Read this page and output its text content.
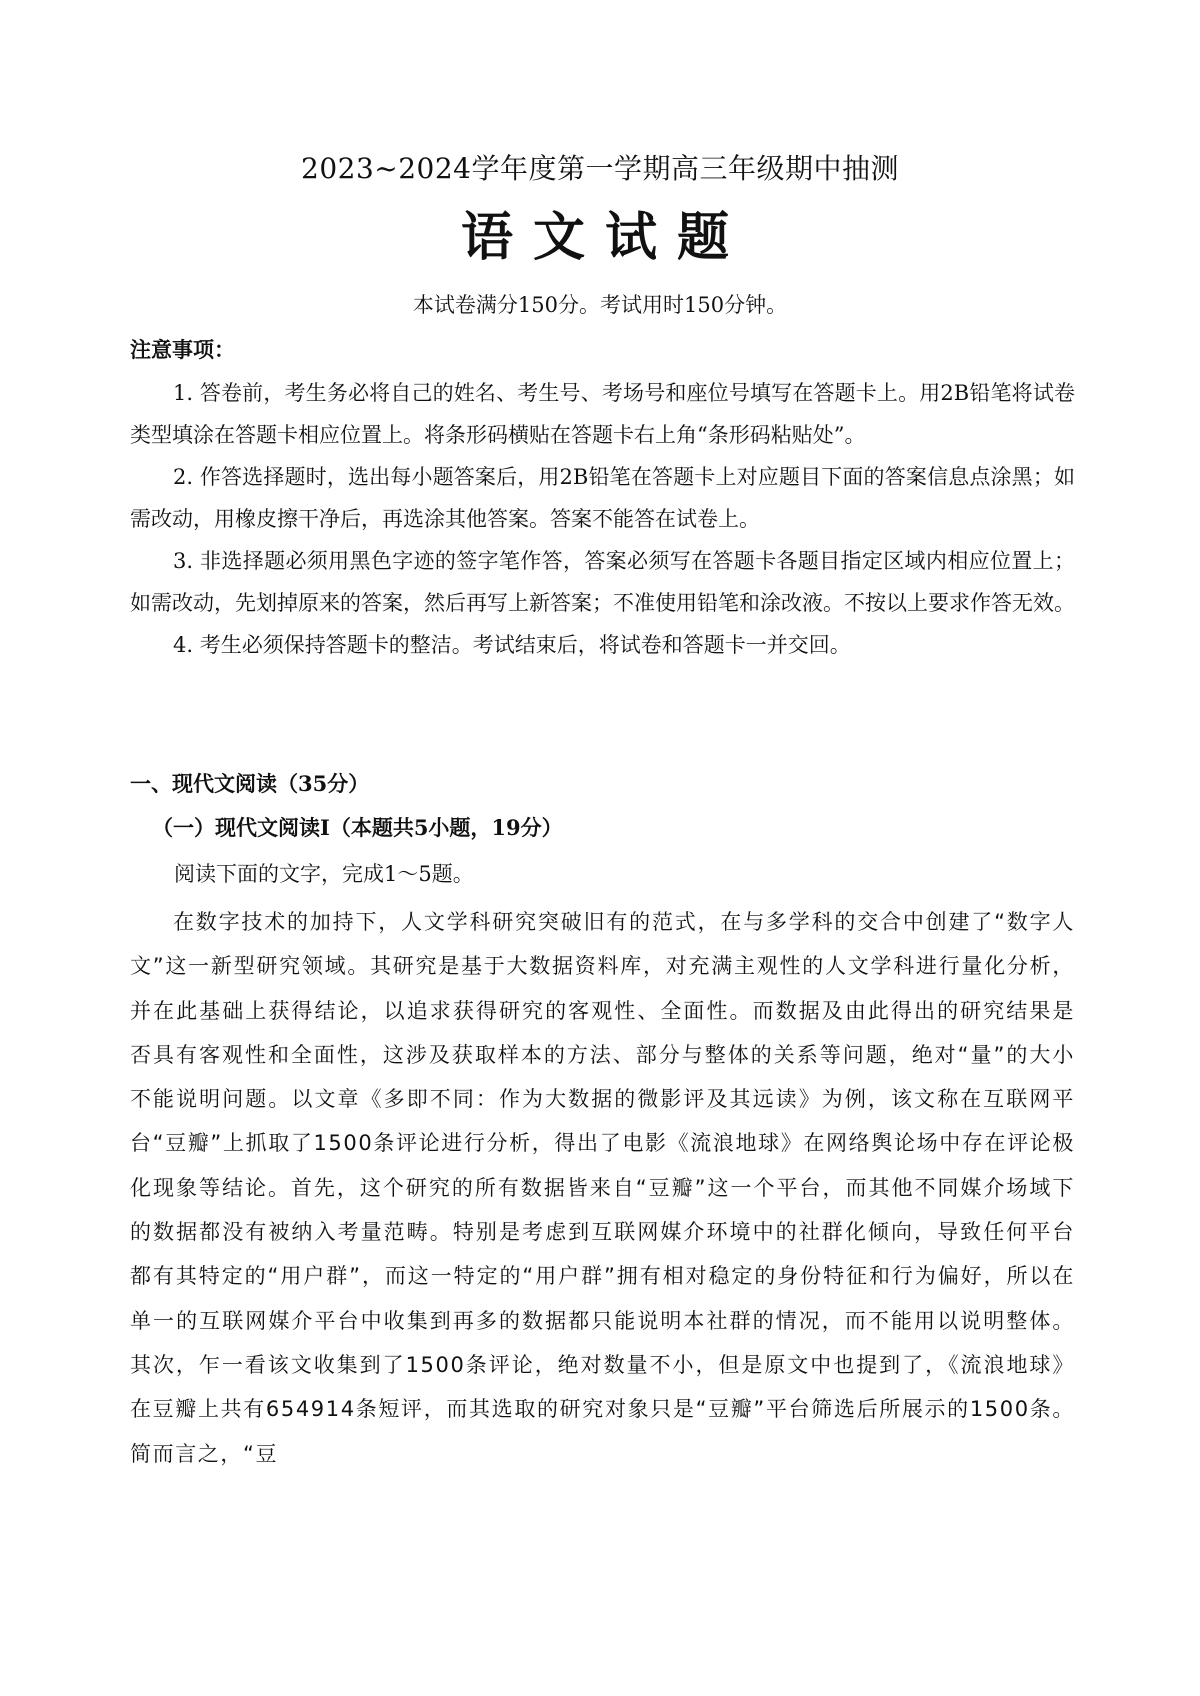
2023~2024学年度第一学期高三年级期中抽测
语文试题
本试卷满分150分。考试用时150分钟。
注意事项：

1. 答卷前，考生务必将自己的姓名、考生号、考场号和座位号填写在答题卡上。用2B铅笔将试卷类型填涂在答题卡相应位置上。将条形码横贴在答题卡右上角“条形码粘贴处”。

2. 作答选择题时，选出每小题答案后，用2B铅笔在答题卡上对应题目下面的答案信息点涂黑；如需改动，用橡皮擦干净后，再选涂其他答案。答案不能答在试卷上。

3. 非选择题必须用黑色字迹的签字笔作答，答案必须写在答题卡各题目指定区域内相应位置上；如需改动，先划掉原来的答案，然后再写上新答案；不准使用铅笔和涂改液。不按以上要求作答无效。

4. 考生必须保持答题卡的整洁。考试结束后，将试卷和答题卡一并交回。

一、现代文阅读（35分）
（一）现代文阅读Ⅰ（本题共5小题，19分）
阅读下面的文字，完成1～5题。

在数字技术的加持下，人文学科研究突破旧有的范式，在与多学科的交合中创建了“数字人文”这一新型研究领域。其研究是基于大数据资料库，对充满主观性的人文学科进行量化分析，并在此基础上获得结论，以追求获得研究的客观性、全面性。而数据及由此得出的研究结果是否具有客观性和全面性，这涉及获取样本的方法、部分与整体的关系等问题，绝对“量”的大小不能说明问题。以文章《多即不同：作为大数据的微影评及其远读》为例，该文称在互联网平台“豆瓣”上抓取了1500条评论进行分析，得出了电影《流浪地球》在网络舆论场中存在评论极化现象等结论。首先，这个研究的所有数据皆来自“豆瓣”这一个平台，而其他不同媒介场域下的数据都没有被纳入考量范畴。特别是考虑到互联网媒介环境中的社群化倾向，导致任何平台都有其特定的“用户群”，而这一特定的“用户群”拥有相对稳定的身份特征和行为偏好，所以在单一的互联网媒介平台中收集到再多的数据都只能说明本社群的情况，而不能用以说明整体。其次，乍一看该文收集到了1500条评论，绝对数量不小，但是原文中也提到了，《流浪地球》在豆瓣上共有654914条短评，而其选取的研究对象只是“豆瓣”平台筛选后所展示的1500条。简而言之，“豆
